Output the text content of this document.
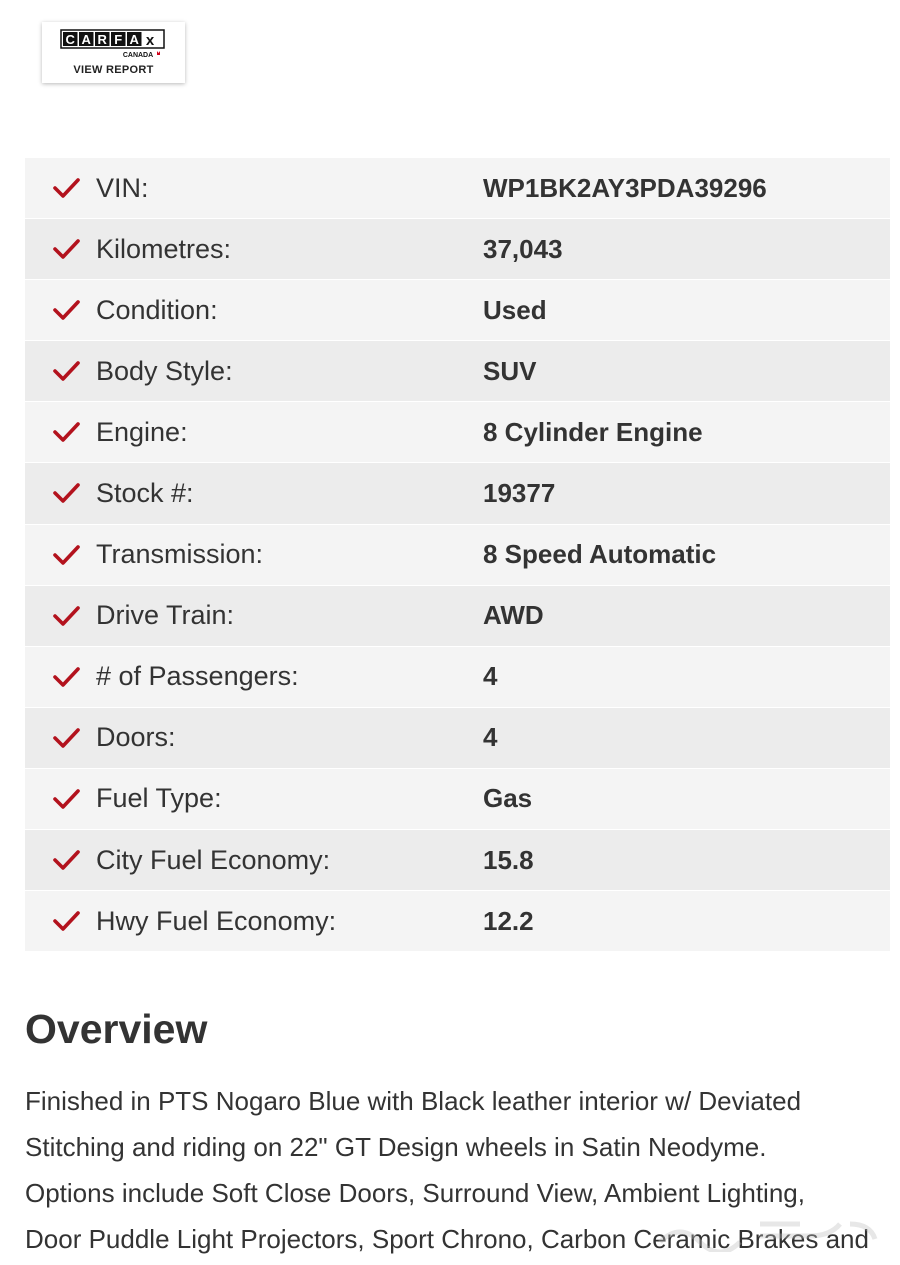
C A R F A x
CANADA
VIEW REPORT
VIN:	WP1BK2AY3PDA39296
Kilometres:	37,043
Condition:	Used
Body Style:	SUV
Engine:	8 Cylinder Engine
Stock #:	19377
Transmission:	8 Speed Automatic
Drive Train:	AWD
# of Passengers:	4
Doors:	4
Fuel Type:	Gas
City Fuel Economy:	15.8
Hwy Fuel Economy:	12.2
Overview
Finished in PTS Nogaro Blue with Black leather interior w/ Deviated
Stitching and riding on 22" GT Design wheels in Satin Neodyme.
Options include Soft Close Doors, Surround View, Ambient Lighting,
Door Puddle Light Projectors, Sport Chrono, Carbon Ceramic Brakes and
